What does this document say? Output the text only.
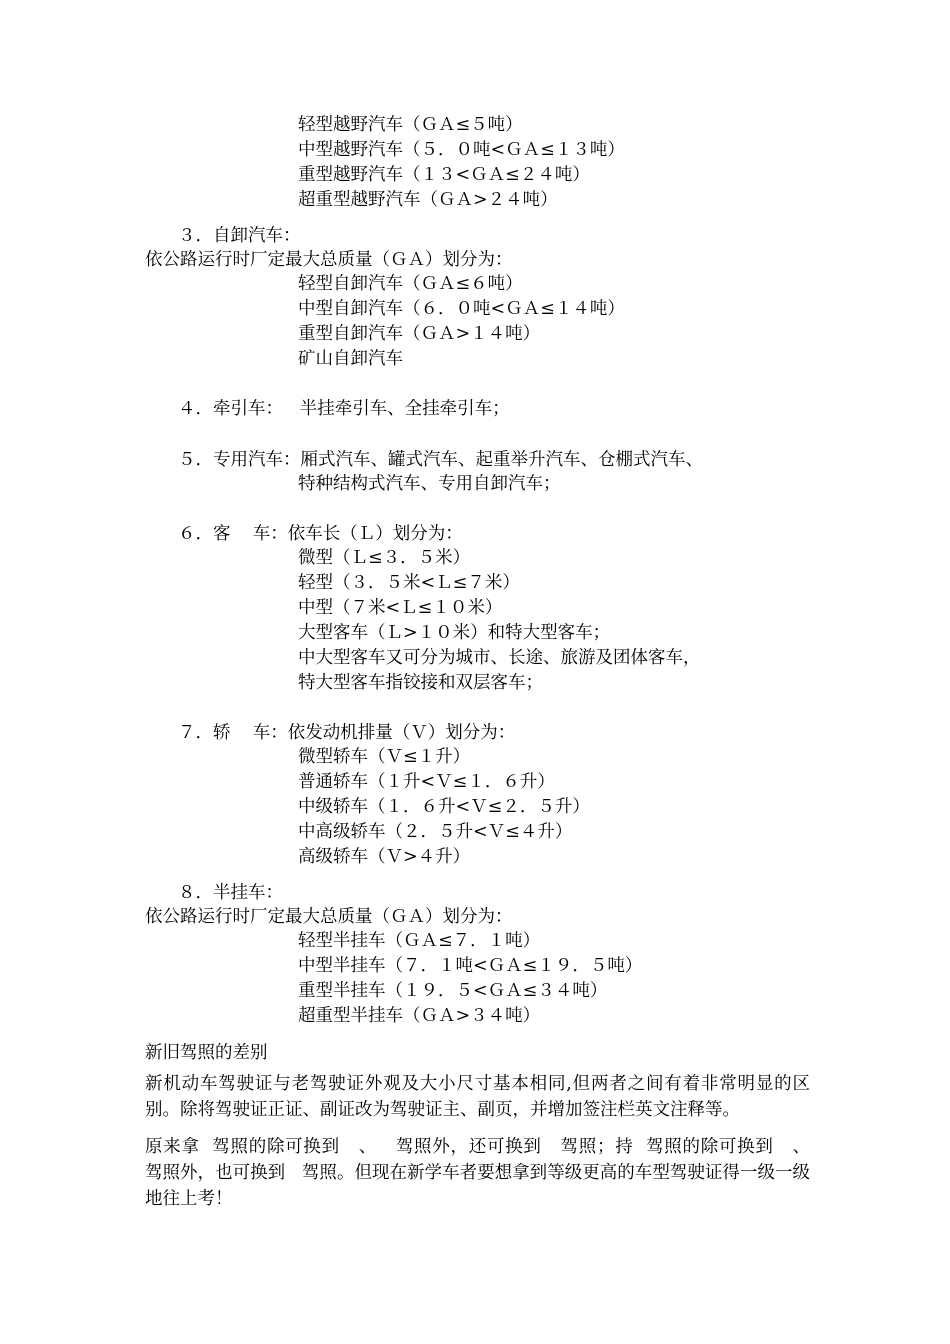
轻型越野汽车（ＧＡ≤５吨）
中型越野汽车（５．０吨<ＧＡ≤１３吨）
重型越野汽车（１３<ＧＡ≤２４吨）
超重型越野汽车（ＧＡ>２４吨）
３．自卸汽车：
依公路运行时厂定最大总质量（ＧＡ）划分为：
轻型自卸汽车（ＧＡ≤６吨）
中型自卸汽车（６．０吨<ＧＡ≤１４吨）
重型自卸汽车（ＧＡ>１４吨）
矿山自卸汽车
４．牵引车：   半挂牵引车、全挂牵引车；
５．专用汽车：厢式汽车、罐式汽车、起重举升汽车、仓棚式汽车、
特种结构式汽车、专用自卸汽车；
６．客    车：依车长（Ｌ）划分为：
微型（Ｌ≤３．５米）
轻型（３．５米<Ｌ≤７米）
中型（７米<Ｌ≤１０米）
大型客车（Ｌ>１０米）和特大型客车；
中大型客车又可分为城市、长途、旅游及团体客车，
特大型客车指铰接和双层客车；
７．轿    车：依发动机排量（Ｖ）划分为：
微型轿车（Ｖ≤１升）
普通轿车（１升<Ｖ≤１．６升）
中级轿车（１．６升<Ｖ≤２．５升）
中高级轿车（２．５升<Ｖ≤４升）
高级轿车（Ｖ>４升）
８．半挂车：
依公路运行时厂定最大总质量（ＧＡ）划分为：
轻型半挂车（ＧＡ≤７．１吨）
中型半挂车（７．１吨<ＧＡ≤１９．５吨）
重型半挂车（１９．５<ＧＡ≤３４吨）
超重型半挂车（ＧＡ>３４吨）
新旧驾照的差别
新机动车驾驶证与老驾驶证外观及大小尺寸基本相同,但两者之间有着非常明显的区别。除将驾驶证正证、副证改为驾驶证主、副页，并增加签注栏英文注释等。
原来拿  驾照的除可换到   、   驾照外，还可换到   驾照；持  驾照的除可换到   、   驾照外，也可换到   驾照。但现在新学车者要想拿到等级更高的车型驾驶证得一级一级地往上考！
